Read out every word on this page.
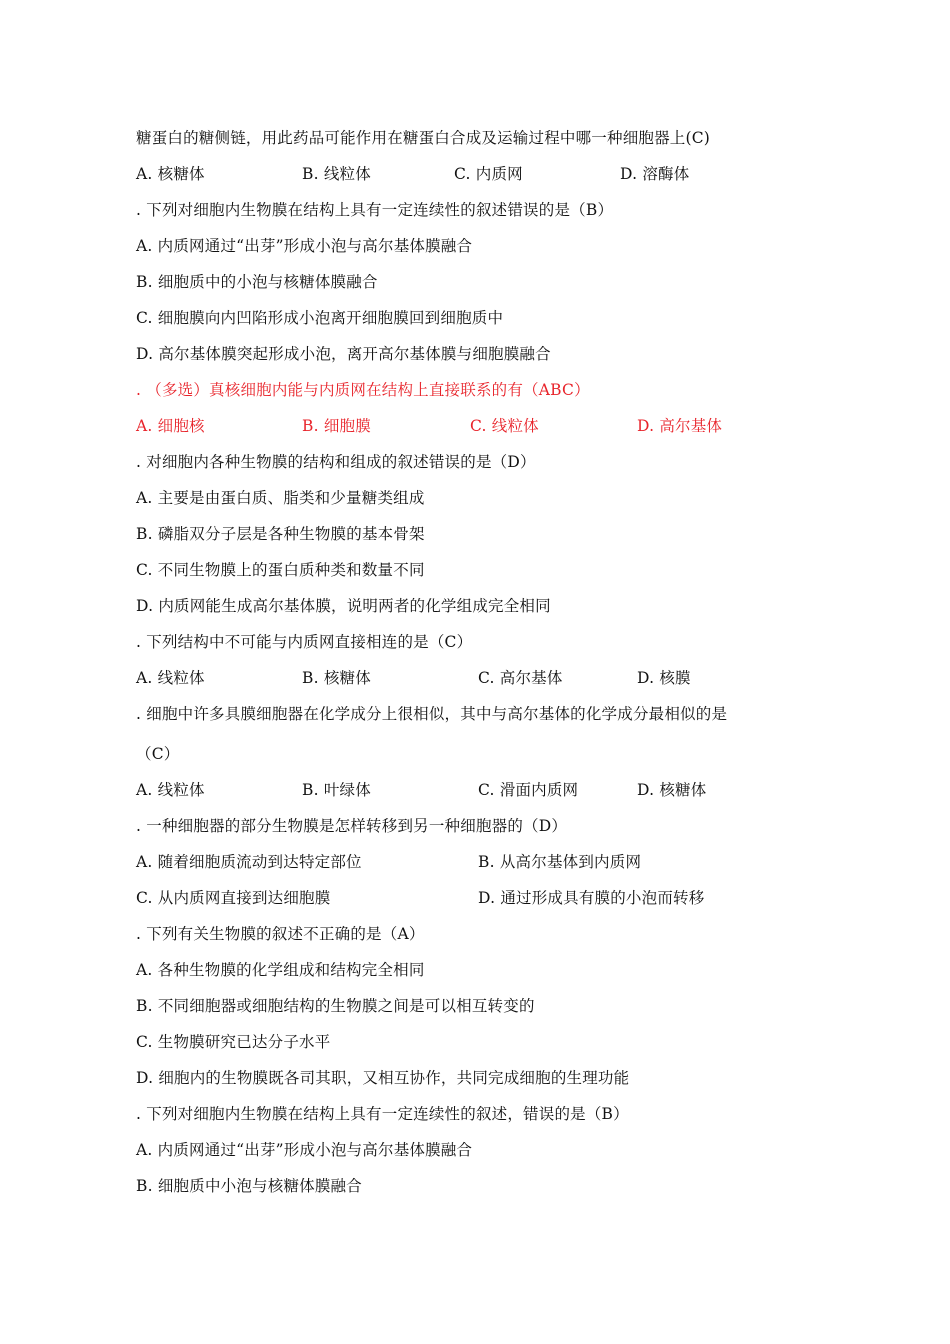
糖蛋白的糖侧链，用此药品可能作用在糖蛋白合成及运输过程中哪一种细胞器上(C)
A. 核糖体	B. 线粒体	C. 内质网	D. 溶酶体
. 下列对细胞内生物膜在结构上具有一定连续性的叙述错误的是（B）
A. 内质网通过“出芽”形成小泡与高尔基体膜融合
B. 细胞质中的小泡与核糖体膜融合
C. 细胞膜向内凹陷形成小泡离开细胞膜回到细胞质中
D. 高尔基体膜突起形成小泡，离开高尔基体膜与细胞膜融合
. （多选）真核细胞内能与内质网在结构上直接联系的有（ABC）
A. 细胞核	B. 细胞膜	C. 线粒体	D. 高尔基体
. 对细胞内各种生物膜的结构和组成的叙述错误的是（D）
A. 主要是由蛋白质、脂类和少量糖类组成
B. 磷脂双分子层是各种生物膜的基本骨架
C. 不同生物膜上的蛋白质种类和数量不同
D. 内质网能生成高尔基体膜，说明两者的化学组成完全相同
. 下列结构中不可能与内质网直接相连的是（C）
A. 线粒体	B. 核糖体	C. 高尔基体	D. 核膜
. 细胞中许多具膜细胞器在化学成分上很相似，其中与高尔基体的化学成分最相似的是
（C）
A. 线粒体	B. 叶绿体	C. 滑面内质网	D. 核糖体
. 一种细胞器的部分生物膜是怎样转移到另一种细胞器的（D）
A. 随着细胞质流动到达特定部位	B. 从高尔基体到内质网
C. 从内质网直接到达细胞膜	D. 通过形成具有膜的小泡而转移
. 下列有关生物膜的叙述不正确的是（A）
A. 各种生物膜的化学组成和结构完全相同
B. 不同细胞器或细胞结构的生物膜之间是可以相互转变的
C. 生物膜研究已达分子水平
D. 细胞内的生物膜既各司其职，又相互协作，共同完成细胞的生理功能
. 下列对细胞内生物膜在结构上具有一定连续性的叙述，错误的是（B）
A. 内质网通过“出芽”形成小泡与高尔基体膜融合
B. 细胞质中小泡与核糖体膜融合
